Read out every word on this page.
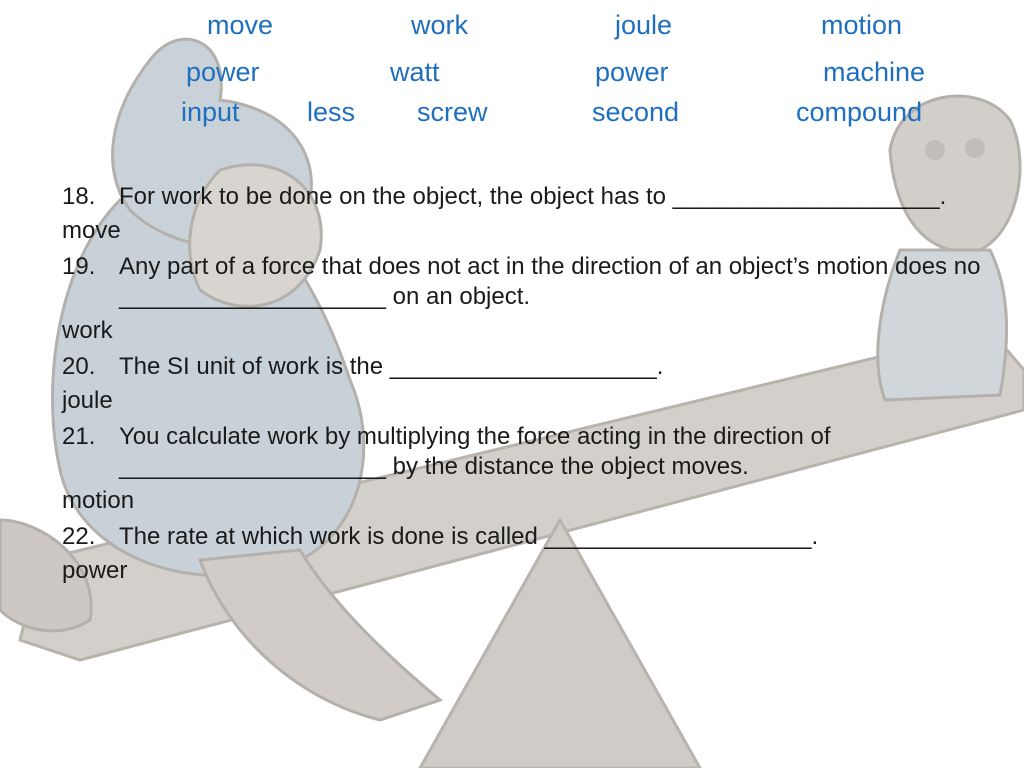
move	work	joule	motion
power	watt	power	machine
input less screw	second	compound
18. For work to be done on the object, the object has to ____________________.
move
19. Any part of a force that does not act in the direction of an object’s motion does no ____________________ on an object.
work
20. The SI unit of work is the ____________________.
joule
21. You calculate work by multiplying the force acting in the direction of ____________________ by the distance the object moves.
motion
22. The rate at which work is done is called ____________________.
power
